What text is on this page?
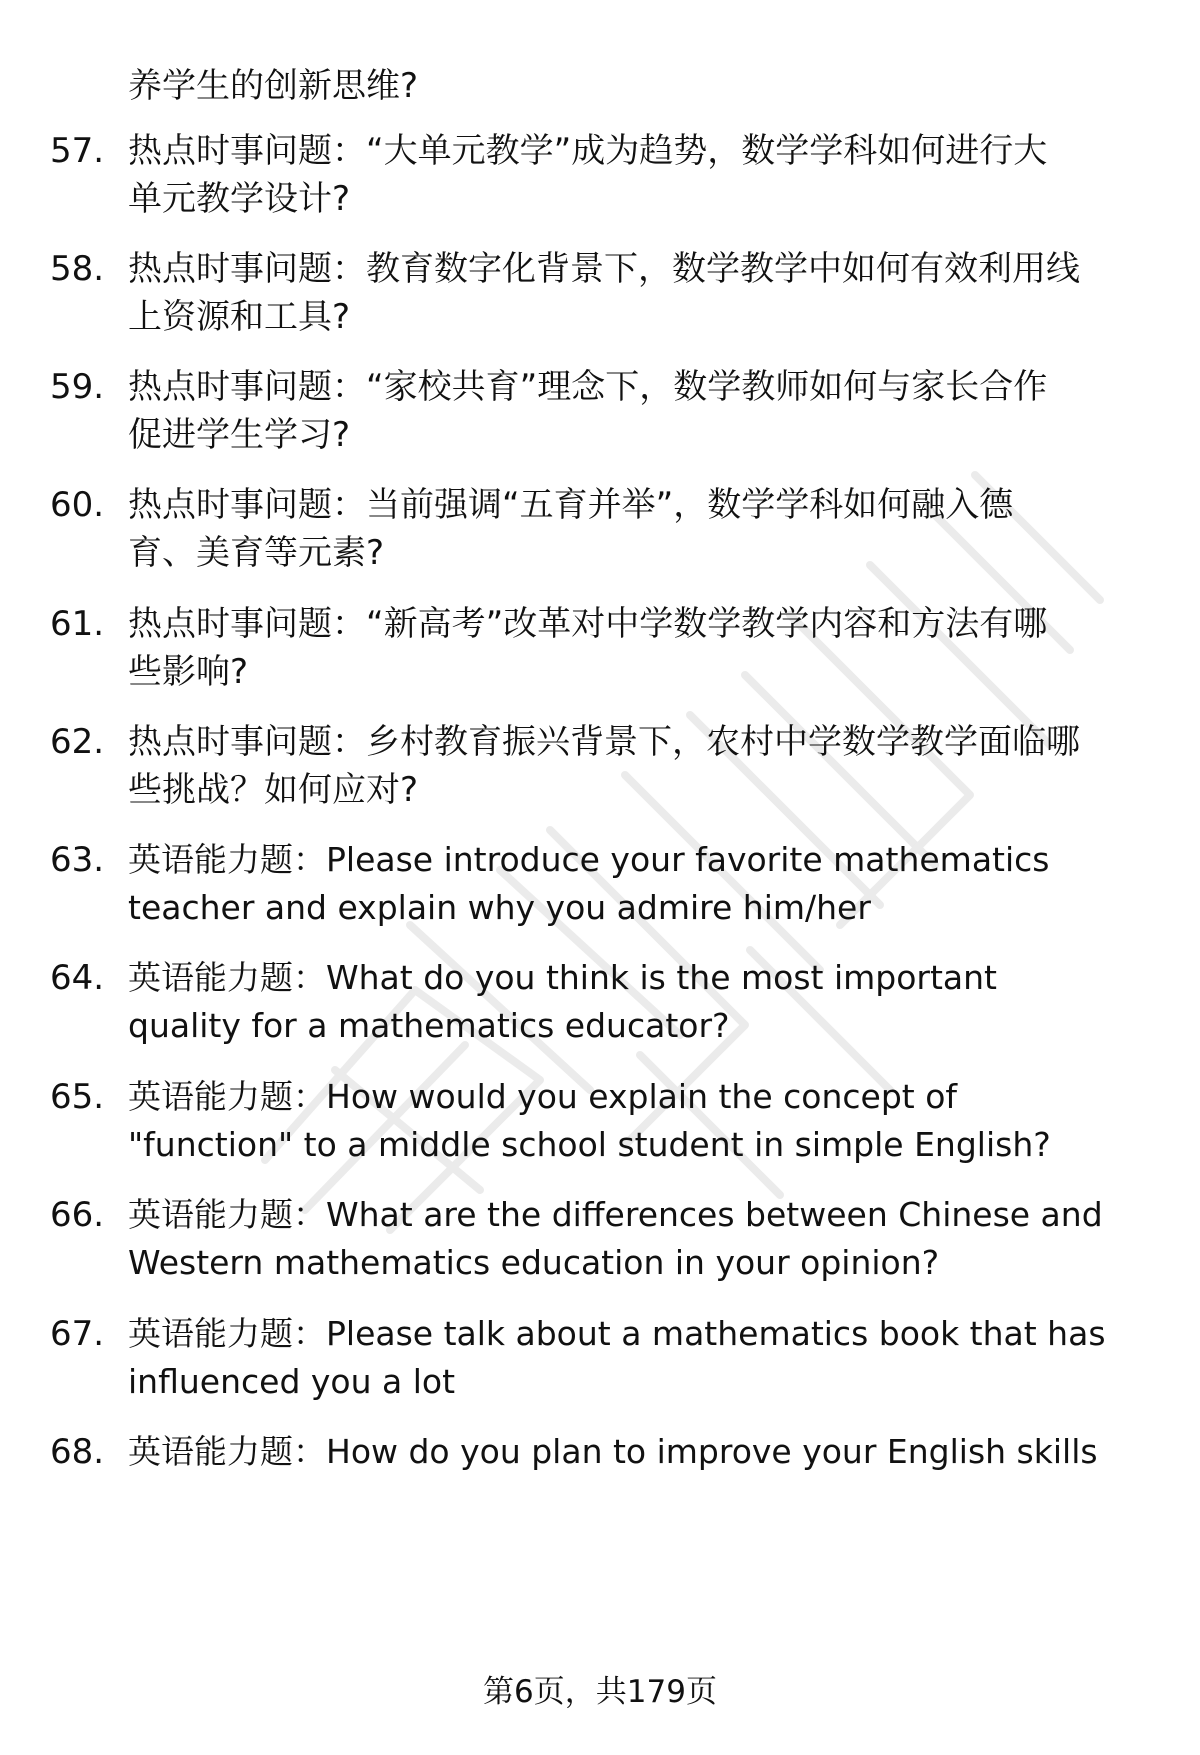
养学生的创新思维?
57. 热点时事问题：“大单元教学”成为趋势，数学学科如何进行大
单元教学设计?
58. 热点时事问题：教育数字化背景下，数学教学中如何有效利用线
上资源和工具?
59. 热点时事问题：“家校共育”理念下，数学教师如何与家长合作
促进学生学习?
60. 热点时事问题：当前强调“五育并举”，数学学科如何融入德
育、美育等元素?
61. 热点时事问题：“新高考”改革对中学数学教学内容和方法有哪
些影响?
62. 热点时事问题：乡村教育振兴背景下，农村中学数学教学面临哪
些挑战？如何应对?
63. 英语能力题：Please introduce your favorite mathematics
teacher and explain why you admire him/her
64. 英语能力题：What do you think is the most important
quality for a mathematics educator?
65. 英语能力题：How would you explain the concept of
"function" to a middle school student in simple English?
66. 英语能力题：What are the differences between Chinese and
Western mathematics education in your opinion?
67. 英语能力题：Please talk about a mathematics book that has
influenced you a lot
68. 英语能力题：How do you plan to improve your English skills
第6页，共179页
